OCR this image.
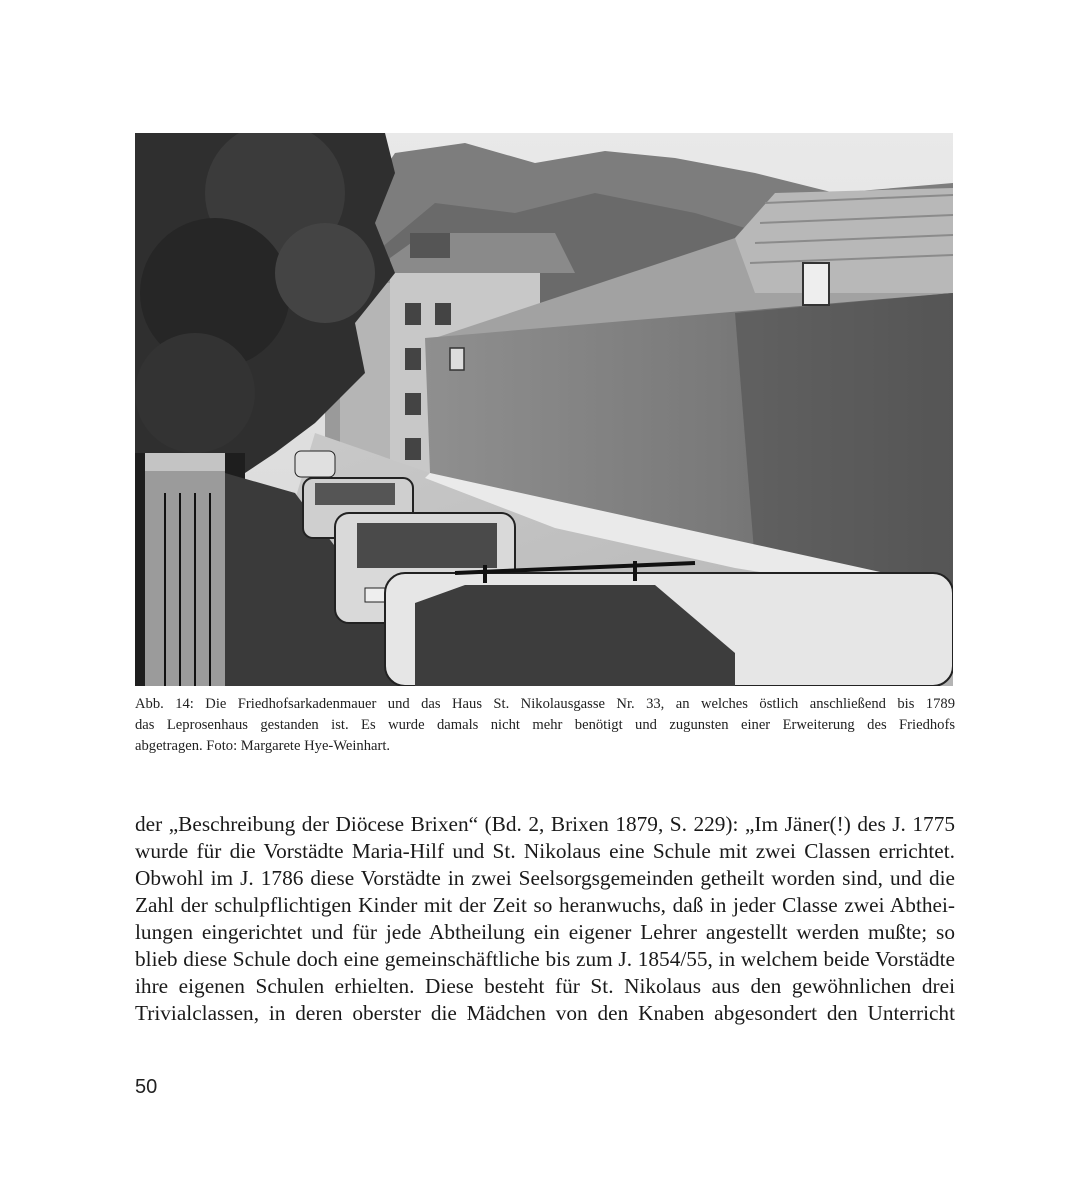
Abb. 14: Die Friedhofsarkadenmauer und das Haus St. Nikolausgasse Nr. 33, an welches östlich anschließend bis 1789
das Leprosenhaus gestanden ist. Es wurde damals nicht mehr benötigt und zugunsten einer Erweiterung des Friedhofs
abgetragen. Foto: Margarete Hye-Weinhart.
der „Beschreibung der Diöcese Brixen“ (Bd. 2, Brixen 1879, S. 229): „Im Jäner(!) des J. 1775
wurde für die Vorstädte Maria-Hilf und St. Nikolaus eine Schule mit zwei Classen errichtet.
Obwohl im J. 1786 diese Vorstädte in zwei Seelsorgsgemeinden getheilt worden sind, und die
Zahl der schulpflichtigen Kinder mit der Zeit so heranwuchs, daß in jeder Classe zwei Abthei-
lungen eingerichtet und für jede Abtheilung ein eigener Lehrer angestellt werden mußte; so
blieb diese Schule doch eine gemeinschäftliche bis zum J. 1854/55, in welchem beide Vorstädte
ihre eigenen Schulen erhielten. Diese besteht für St. Nikolaus aus den gewöhnlichen drei
Trivialclassen, in deren oberster die Mädchen von den Knaben abgesondert den Unterricht
50
